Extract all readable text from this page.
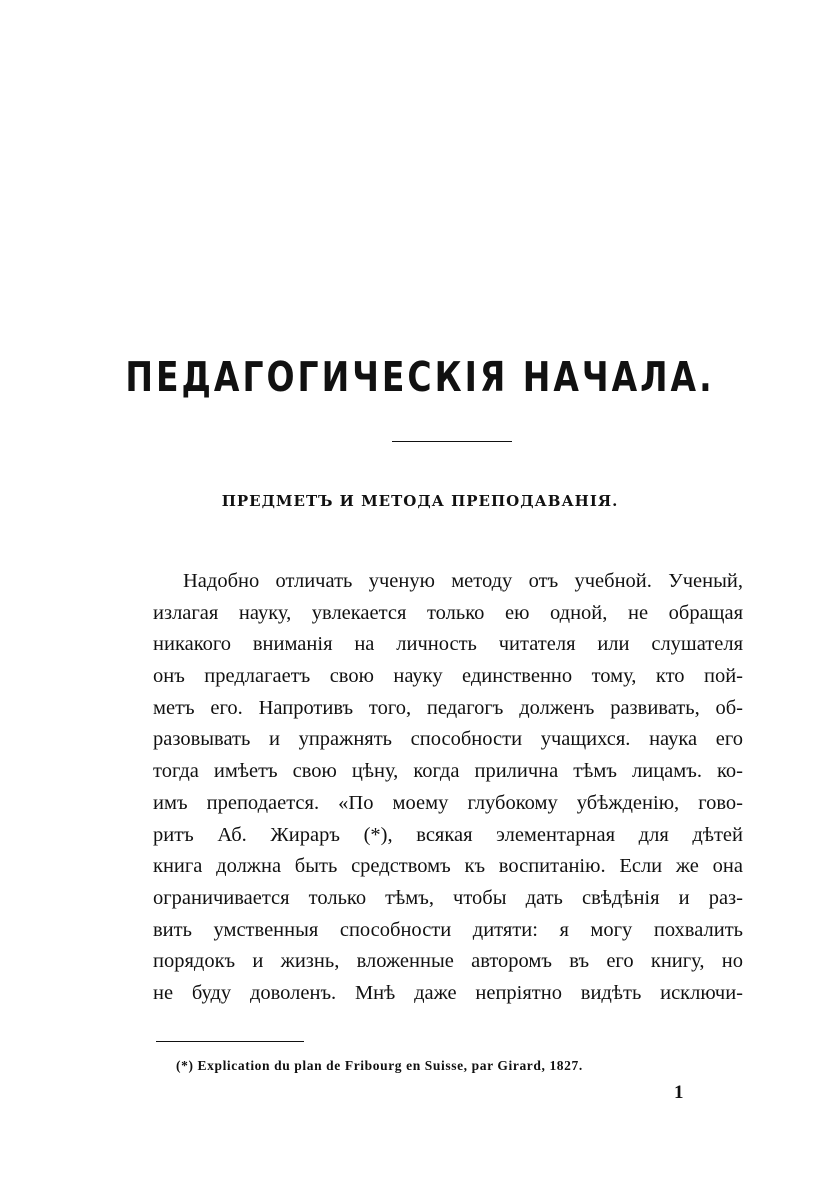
ПЕДАГОГИЧЕСКІЯ НАЧАЛА.
ПРЕДМЕТЪ И МЕТОДА ПРЕПОДАВАНІЯ.
Надобно отличать ученую методу отъ учебной. Ученый,
излагая науку, увлекается только ею одной, не обращая
никакого вниманія на личность читателя или слушателя
онъ предлагаетъ свою науку единственно тому, кто пой-
метъ его. Напротивъ того, педагогъ долженъ развивать, об-
разовывать и упражнять способности учащихся. наука его
тогда имѣетъ свою цѣну, когда прилична тѣмъ лицамъ. ко-
имъ преподается. «По моему глубокому убѣжденію, гово-
ритъ Аб. Жираръ (*), всякая элементарная для дѣтей
книга должна быть средствомъ къ воспитанію. Если же она
ограничивается только тѣмъ, чтобы дать свѣдѣнія и раз-
вить умственныя способности дитяти: я могу похвалить
порядокъ и жизнь, вложенные авторомъ въ его книгу, но
не буду доволенъ. Мнѣ даже непріятно видѣть исключи-

(*) Explication du plan de Fribourg en Suisse, par Girard, 1827.

1
